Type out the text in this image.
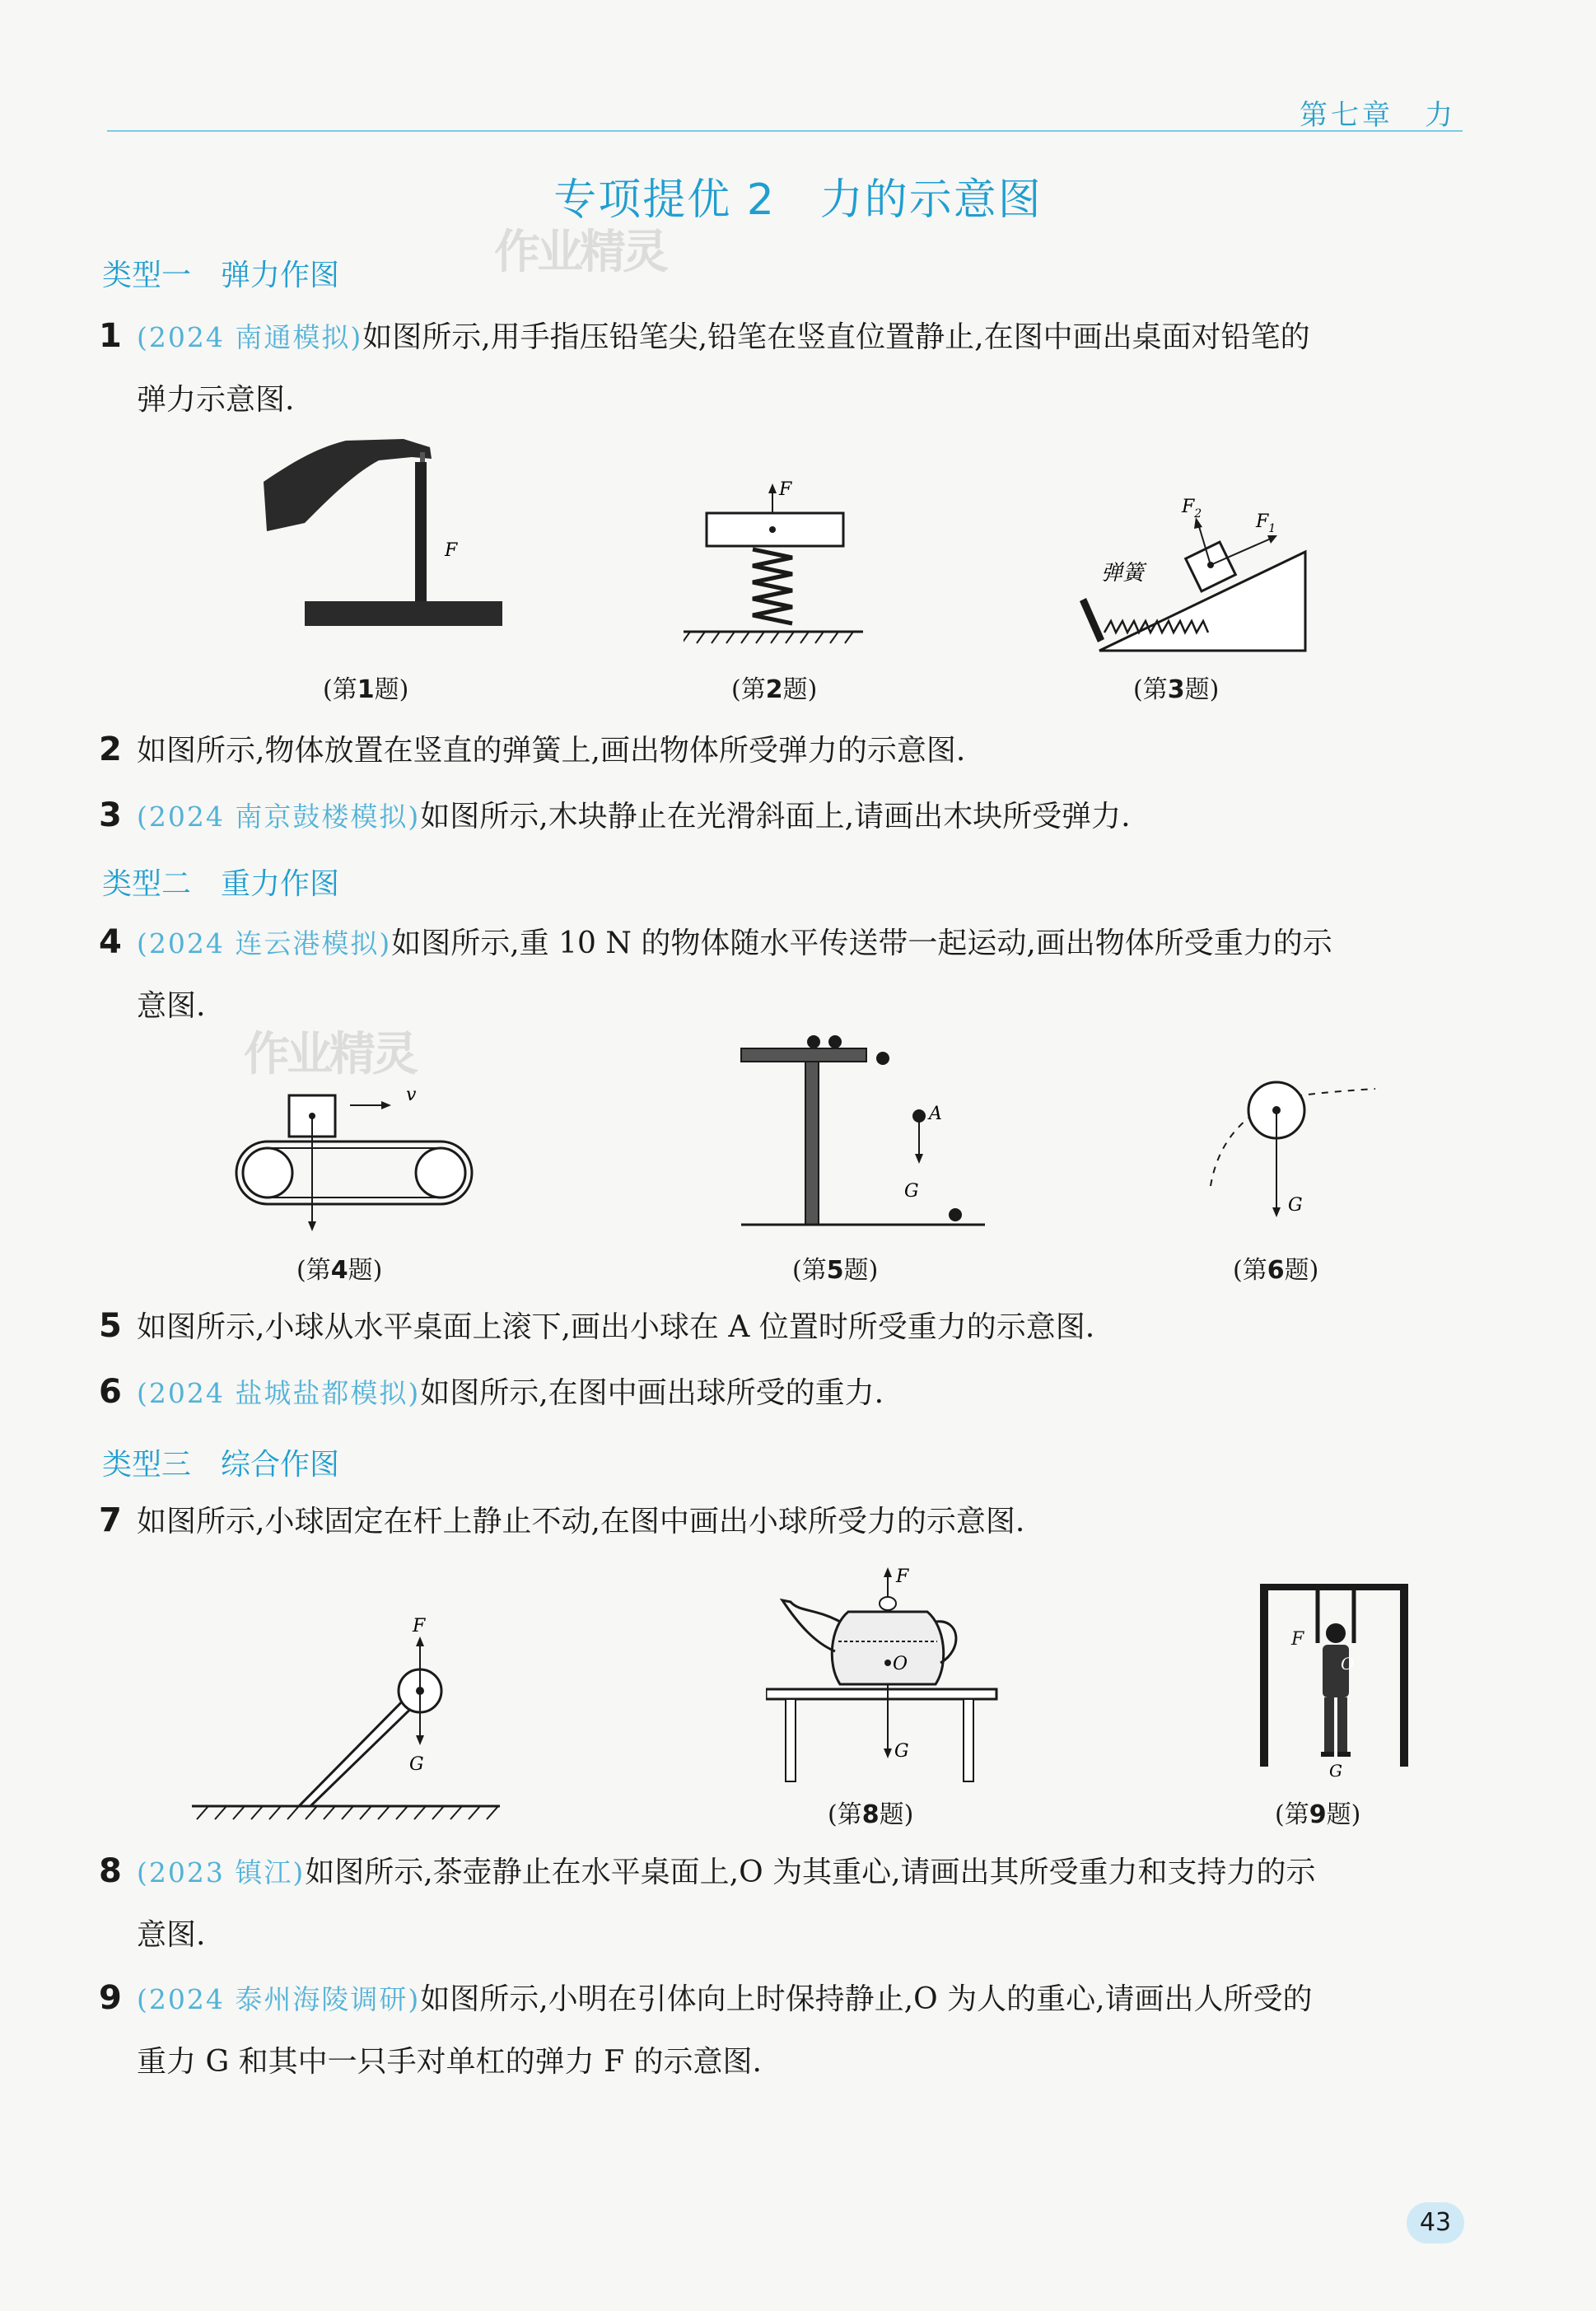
第七章　力
专项提优 2　力的示意图
作业精灵
类型一　弹力作图
1 (2024 南通模拟)如图所示,用手指压铅笔尖,铅笔在竖直位置静止,在图中画出桌面对铅笔的
弹力示意图.
F
(第1题)
F
(第2题)
$F_2$	$F_1$
弹簧
(第3题)
2 如图所示,物体放置在竖直的弹簧上,画出物体所受弹力的示意图.
3 (2024 南京鼓楼模拟)如图所示,木块静止在光滑斜面上,请画出木块所受弹力.
类型二　重力作图
4 (2024 连云港模拟)如图所示,重 10 N 的物体随水平传送带一起运动,画出物体所受重力的示
意图.
作业精灵
v
(第4题)
A
G
(第5题)
G
(第6题)
5 如图所示,小球从水平桌面上滚下,画出小球在 A 位置时所受重力的示意图.
6 (2024 盐城盐都模拟)如图所示,在图中画出球所受的重力.
类型三　综合作图
7 如图所示,小球固定在杆上静止不动,在图中画出小球所受力的示意图.
F
G
F
O
G
(第8题)
O
F
G
(第9题)
8 (2023 镇江)如图所示,茶壶静止在水平桌面上,O 为其重心,请画出其所受重力和支持力的示
意图.
9 (2024 泰州海陵调研)如图所示,小明在引体向上时保持静止,O 为人的重心,请画出人所受的
重力 G 和其中一只手对单杠的弹力 F 的示意图.
43
